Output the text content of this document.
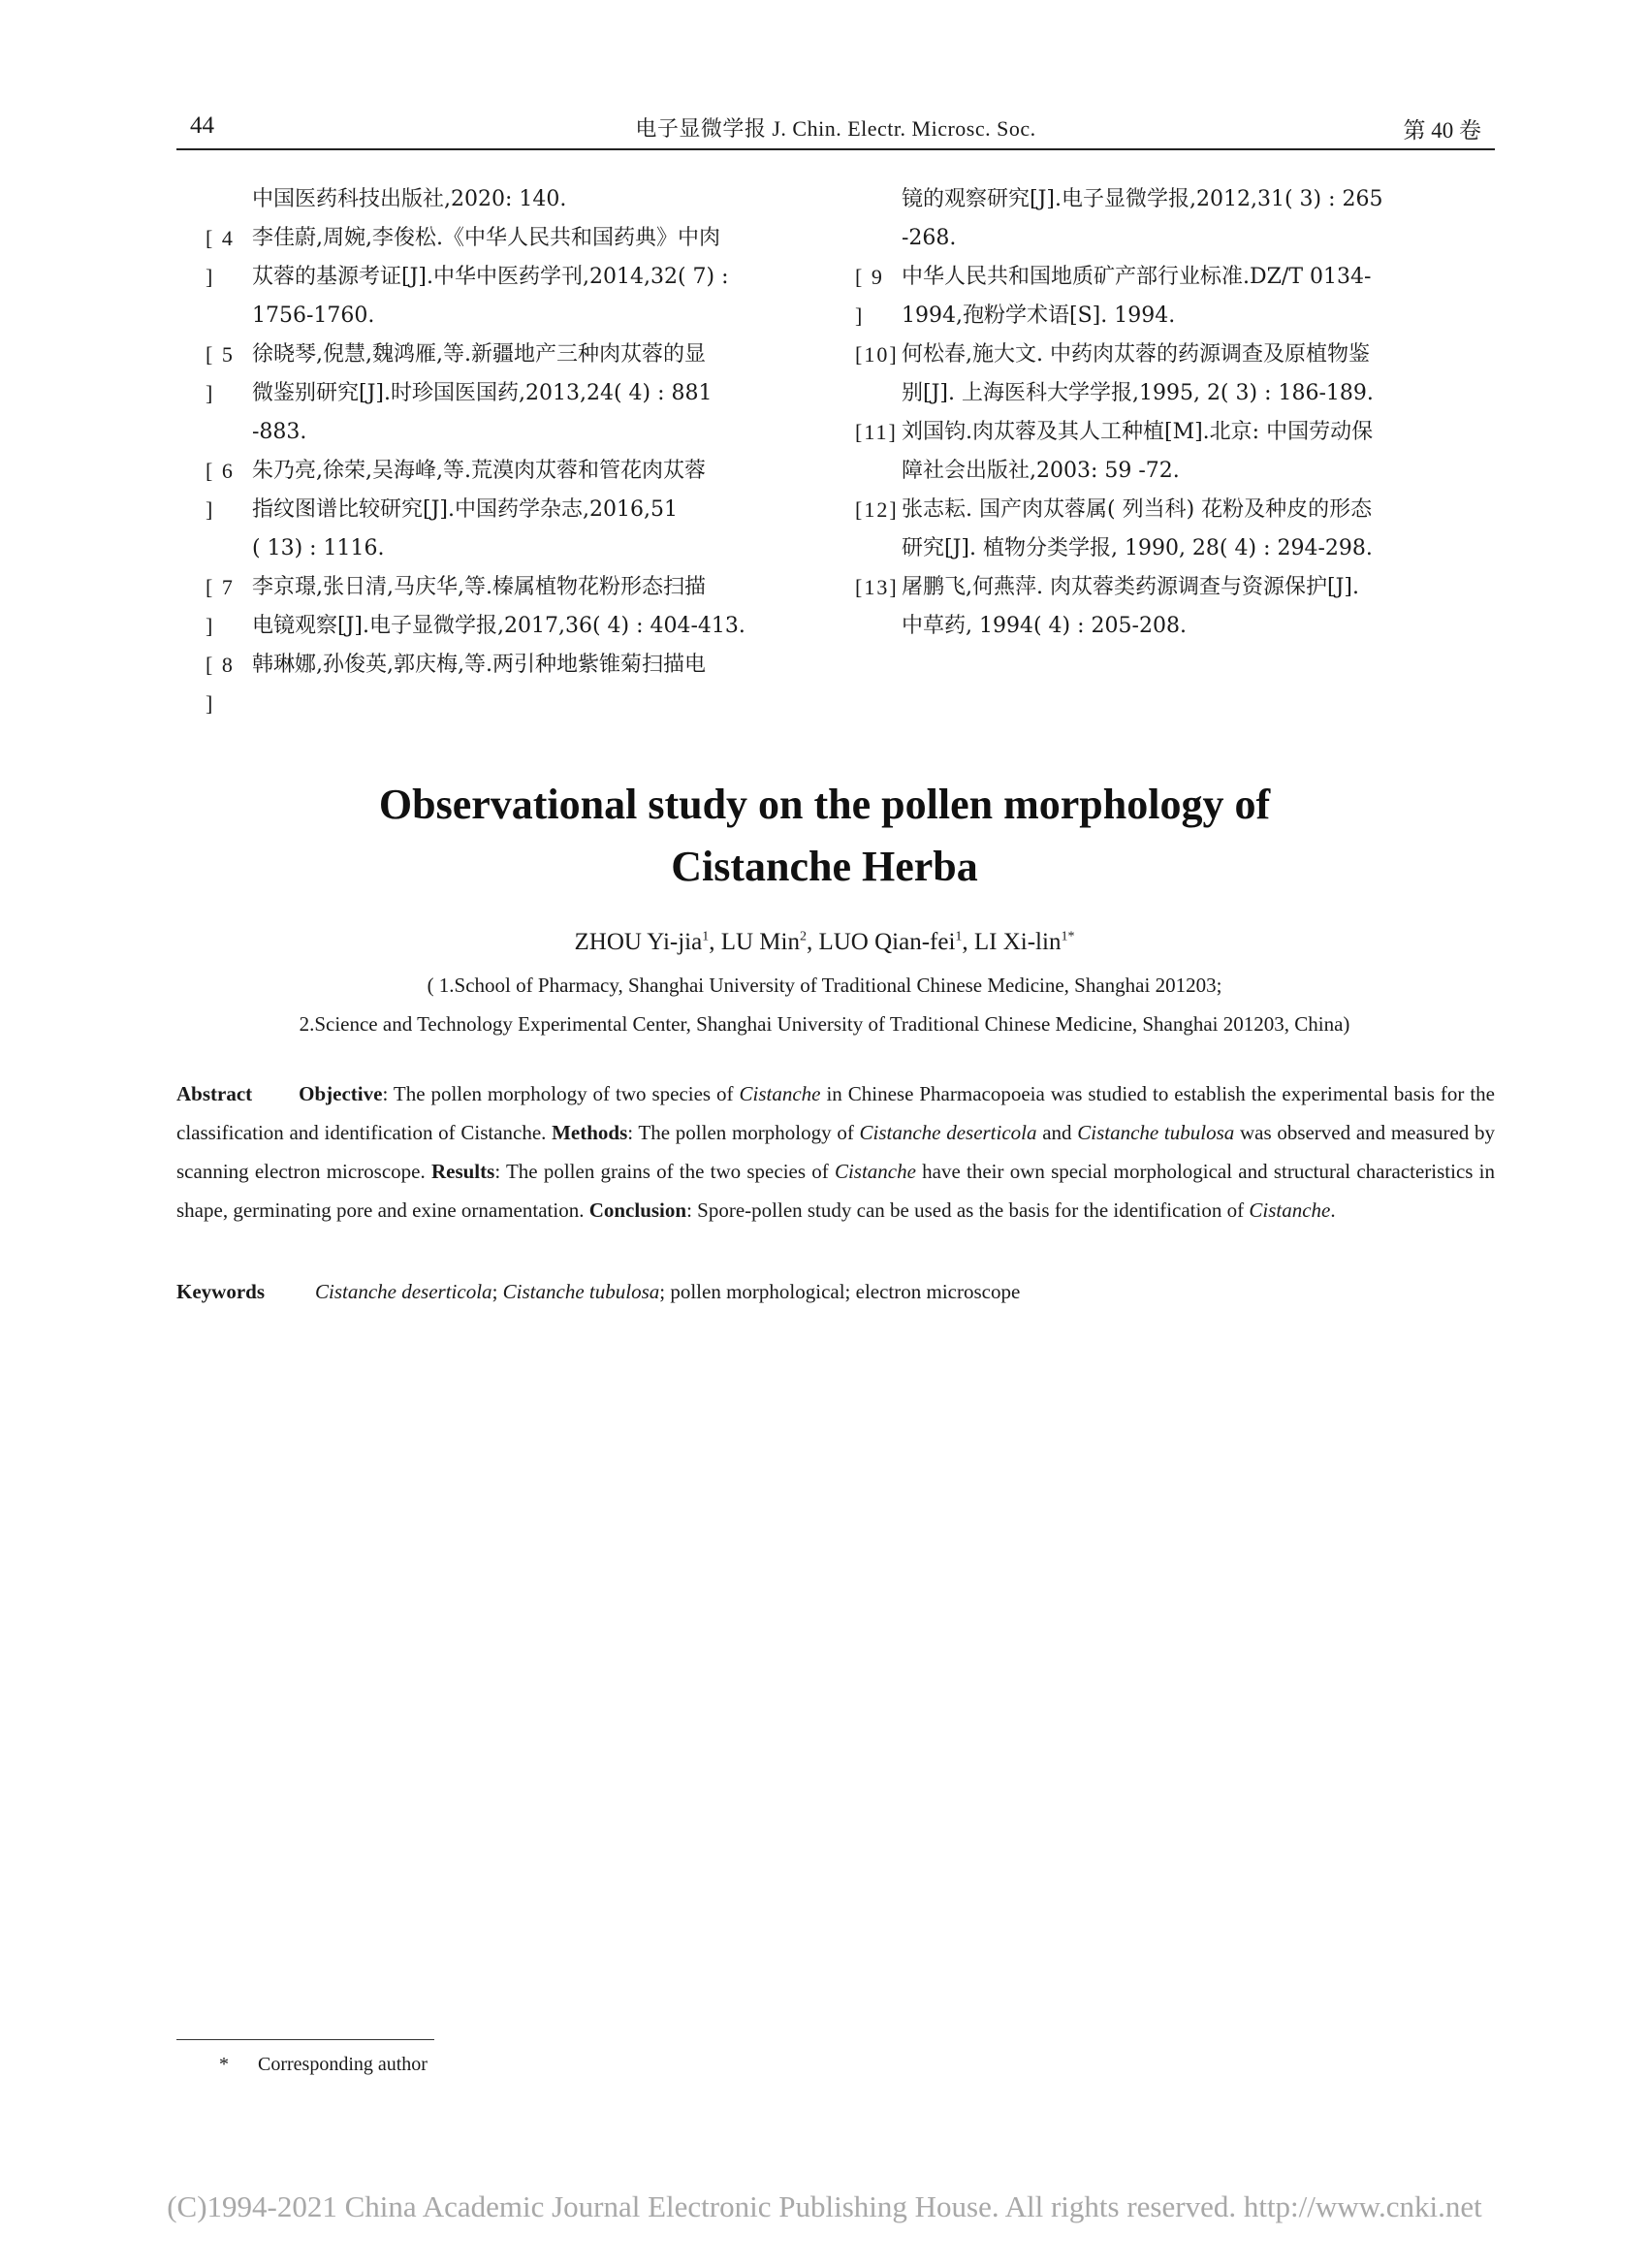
44	电子显微学报 J. Chin. Electr. Microsc. Soc.	第 40 卷
中国医药科技出版社,2020: 140.
[ 4 ]
李佳蔚,周婉,李俊松.《中华人民共和国药典》中肉
苁蓉的基源考证[J].中华中医药学刊,2014,32( 7) :
1756-1760.
[ 5 ]
徐晓琴,倪慧,魏鸿雁,等.新疆地产三种肉苁蓉的显
微鉴别研究[J].时珍国医国药,2013,24( 4) : 881
-883.
[ 6 ]
朱乃亮,徐荣,吴海峰,等.荒漠肉苁蓉和管花肉苁蓉
指纹图谱比较研究[J].中国药学杂志,2016,51
( 13) : 1116.
[ 7 ]
李京璟,张日清,马庆华,等.榛属植物花粉形态扫描
电镜观察[J].电子显微学报,2017,36( 4) : 404-413.
[ 8 ]
韩琳娜,孙俊英,郭庆梅,等.两引种地紫锥菊扫描电
镜的观察研究[J].电子显微学报,2012,31( 3) : 265
-268.
[ 9 ]
中华人民共和国地质矿产部行业标准.DZ/T 0134-
1994,孢粉学术语[S]. 1994.
[10] 何松春,施大文. 中药肉苁蓉的药源调查及原植物鉴
别[J]. 上海医科大学学报,1995, 2( 3) : 186-189.
[11] 刘国钧.肉苁蓉及其人工种植[M].北京: 中国劳动保
障社会出版社,2003: 59 -72.
[12] 张志耘. 国产肉苁蓉属( 列当科) 花粉及种皮的形态
研究[J]. 植物分类学报, 1990, 28( 4) : 294-298.
[13] 屠鹏飞,何燕萍. 肉苁蓉类药源调查与资源保护[J].
中草药, 1994( 4) : 205-208.
Observational study on the pollen morphology of
Cistanche Herba
ZHOU Yi-jia$^1$, LU Min$^2$, LUO Qian-fei$^1$, LI Xi-lin$^{1*}$
( 1.School of Pharmacy, Shanghai University of Traditional Chinese Medicine, Shanghai 201203;
2.Science and Technology Experimental Center, Shanghai University of Traditional Chinese Medicine, Shanghai 201203, China)
Abstract Objective: The pollen morphology of two species of Cistanche in Chinese Pharmacopoeia was studied to establish the experimental basis for the classification and identification of Cistanche. Methods: The pollen morphology of Cistanche deserticola and Cistanche tubulosa was observed and measured by scanning electron microscope. Results: The pollen grains of the two species of Cistanche have their own special morphological and structural characteristics in shape, germinating pore and exine ornamentation. Conclusion: Spore-pollen study can be used as the basis for the identification of Cistanche.
Keywords Cistanche deserticola; Cistanche tubulosa; pollen morphological; electron microscope
* Corresponding author
(C)1994-2021 China Academic Journal Electronic Publishing House. All rights reserved. http://www.cnki.net
